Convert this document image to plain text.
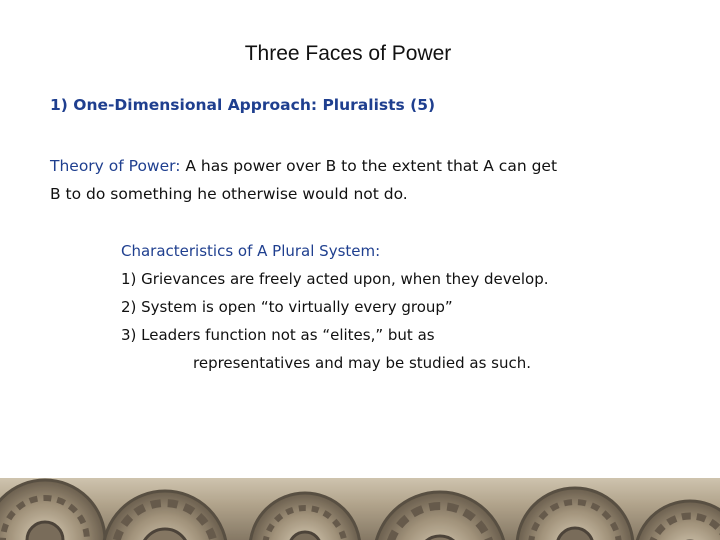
Three Faces of Power
1) One-Dimensional Approach: Pluralists (5)
Theory of Power: A has power over B to the extent that A can get
B to do something he otherwise would not do.
Characteristics of A Plural System:
1) Grievances are freely acted upon, when they develop.
2) System is open “to virtually every group”
3) Leaders function not as “elites,” but as
representatives and may be studied as such.
